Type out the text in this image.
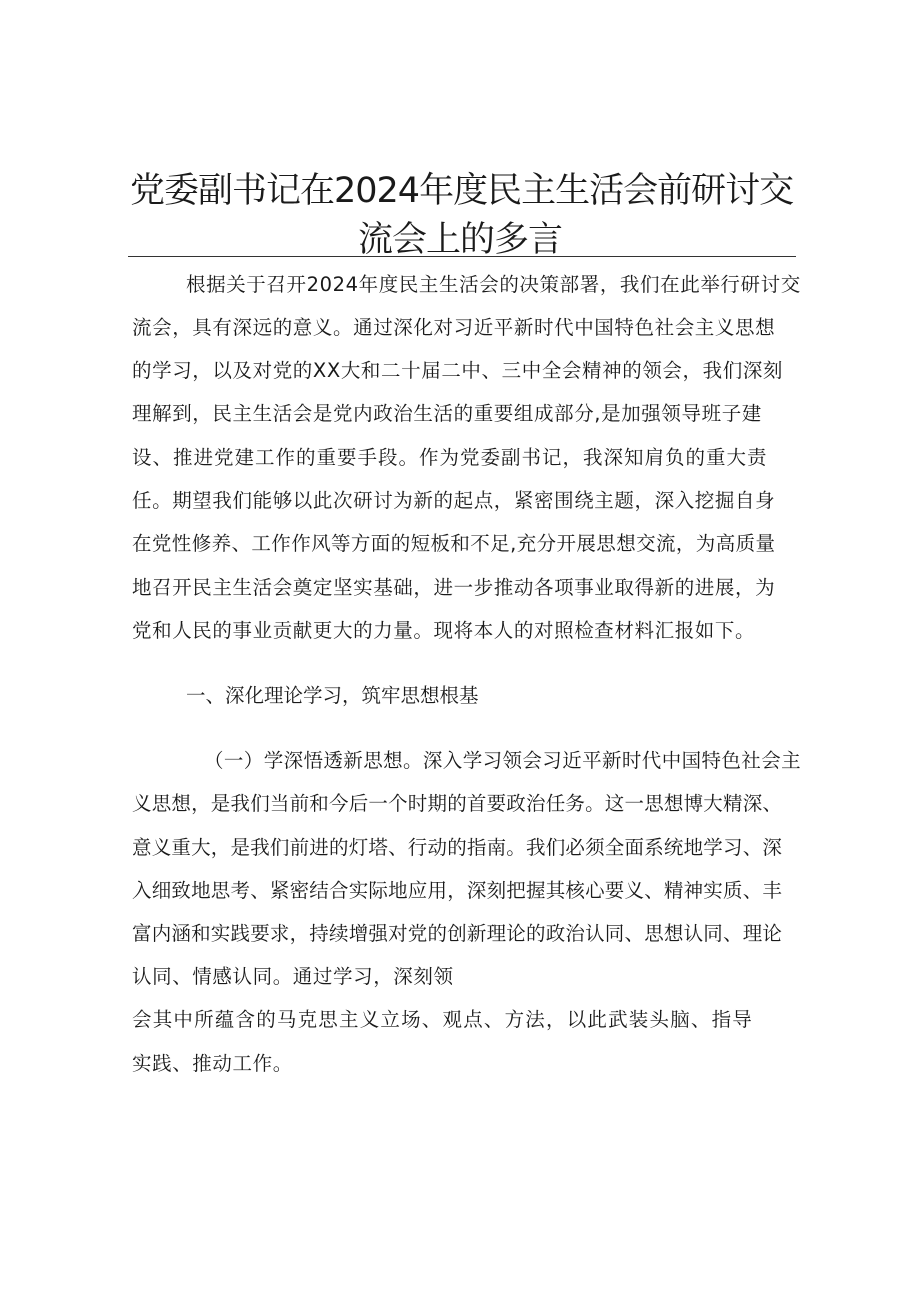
党委副书记在2024年度民主生活会前研讨交
流会上的多言
根据关于召开2024年度民主生活会的决策部署，我们在此举行研讨交
流会，具有深远的意义。通过深化对习近平新时代中国特色社会主义思想
的学习，以及对党的XX大和二十届二中、三中全会精神的领会，我们深刻
理解到，民主生活会是党内政治生活的重要组成部分,是加强领导班子建
设、推进党建工作的重要手段。作为党委副书记，我深知肩负的重大责
任。期望我们能够以此次研讨为新的起点，紧密围绕主题，深入挖掘自身
在党性修养、工作作风等方面的短板和不足,充分开展思想交流，为高质量
地召开民主生活会奠定坚实基础，进一步推动各项事业取得新的进展，为
党和人民的事业贡献更大的力量。现将本人的对照检查材料汇报如下。
一、深化理论学习，筑牢思想根基
（一）学深悟透新思想。深入学习领会习近平新时代中国特色社会主
义思想，是我们当前和今后一个时期的首要政治任务。这一思想博大精深、
意义重大，是我们前进的灯塔、行动的指南。我们必须全面系统地学习、深
入细致地思考、紧密结合实际地应用，深刻把握其核心要义、精神实质、丰
富内涵和实践要求，持续增强对党的创新理论的政治认同、思想认同、理论
认同、情感认同。通过学习，深刻领
会其中所蕴含的马克思主义立场、观点、方法，以此武装头脑、指导
实践、推动工作。
